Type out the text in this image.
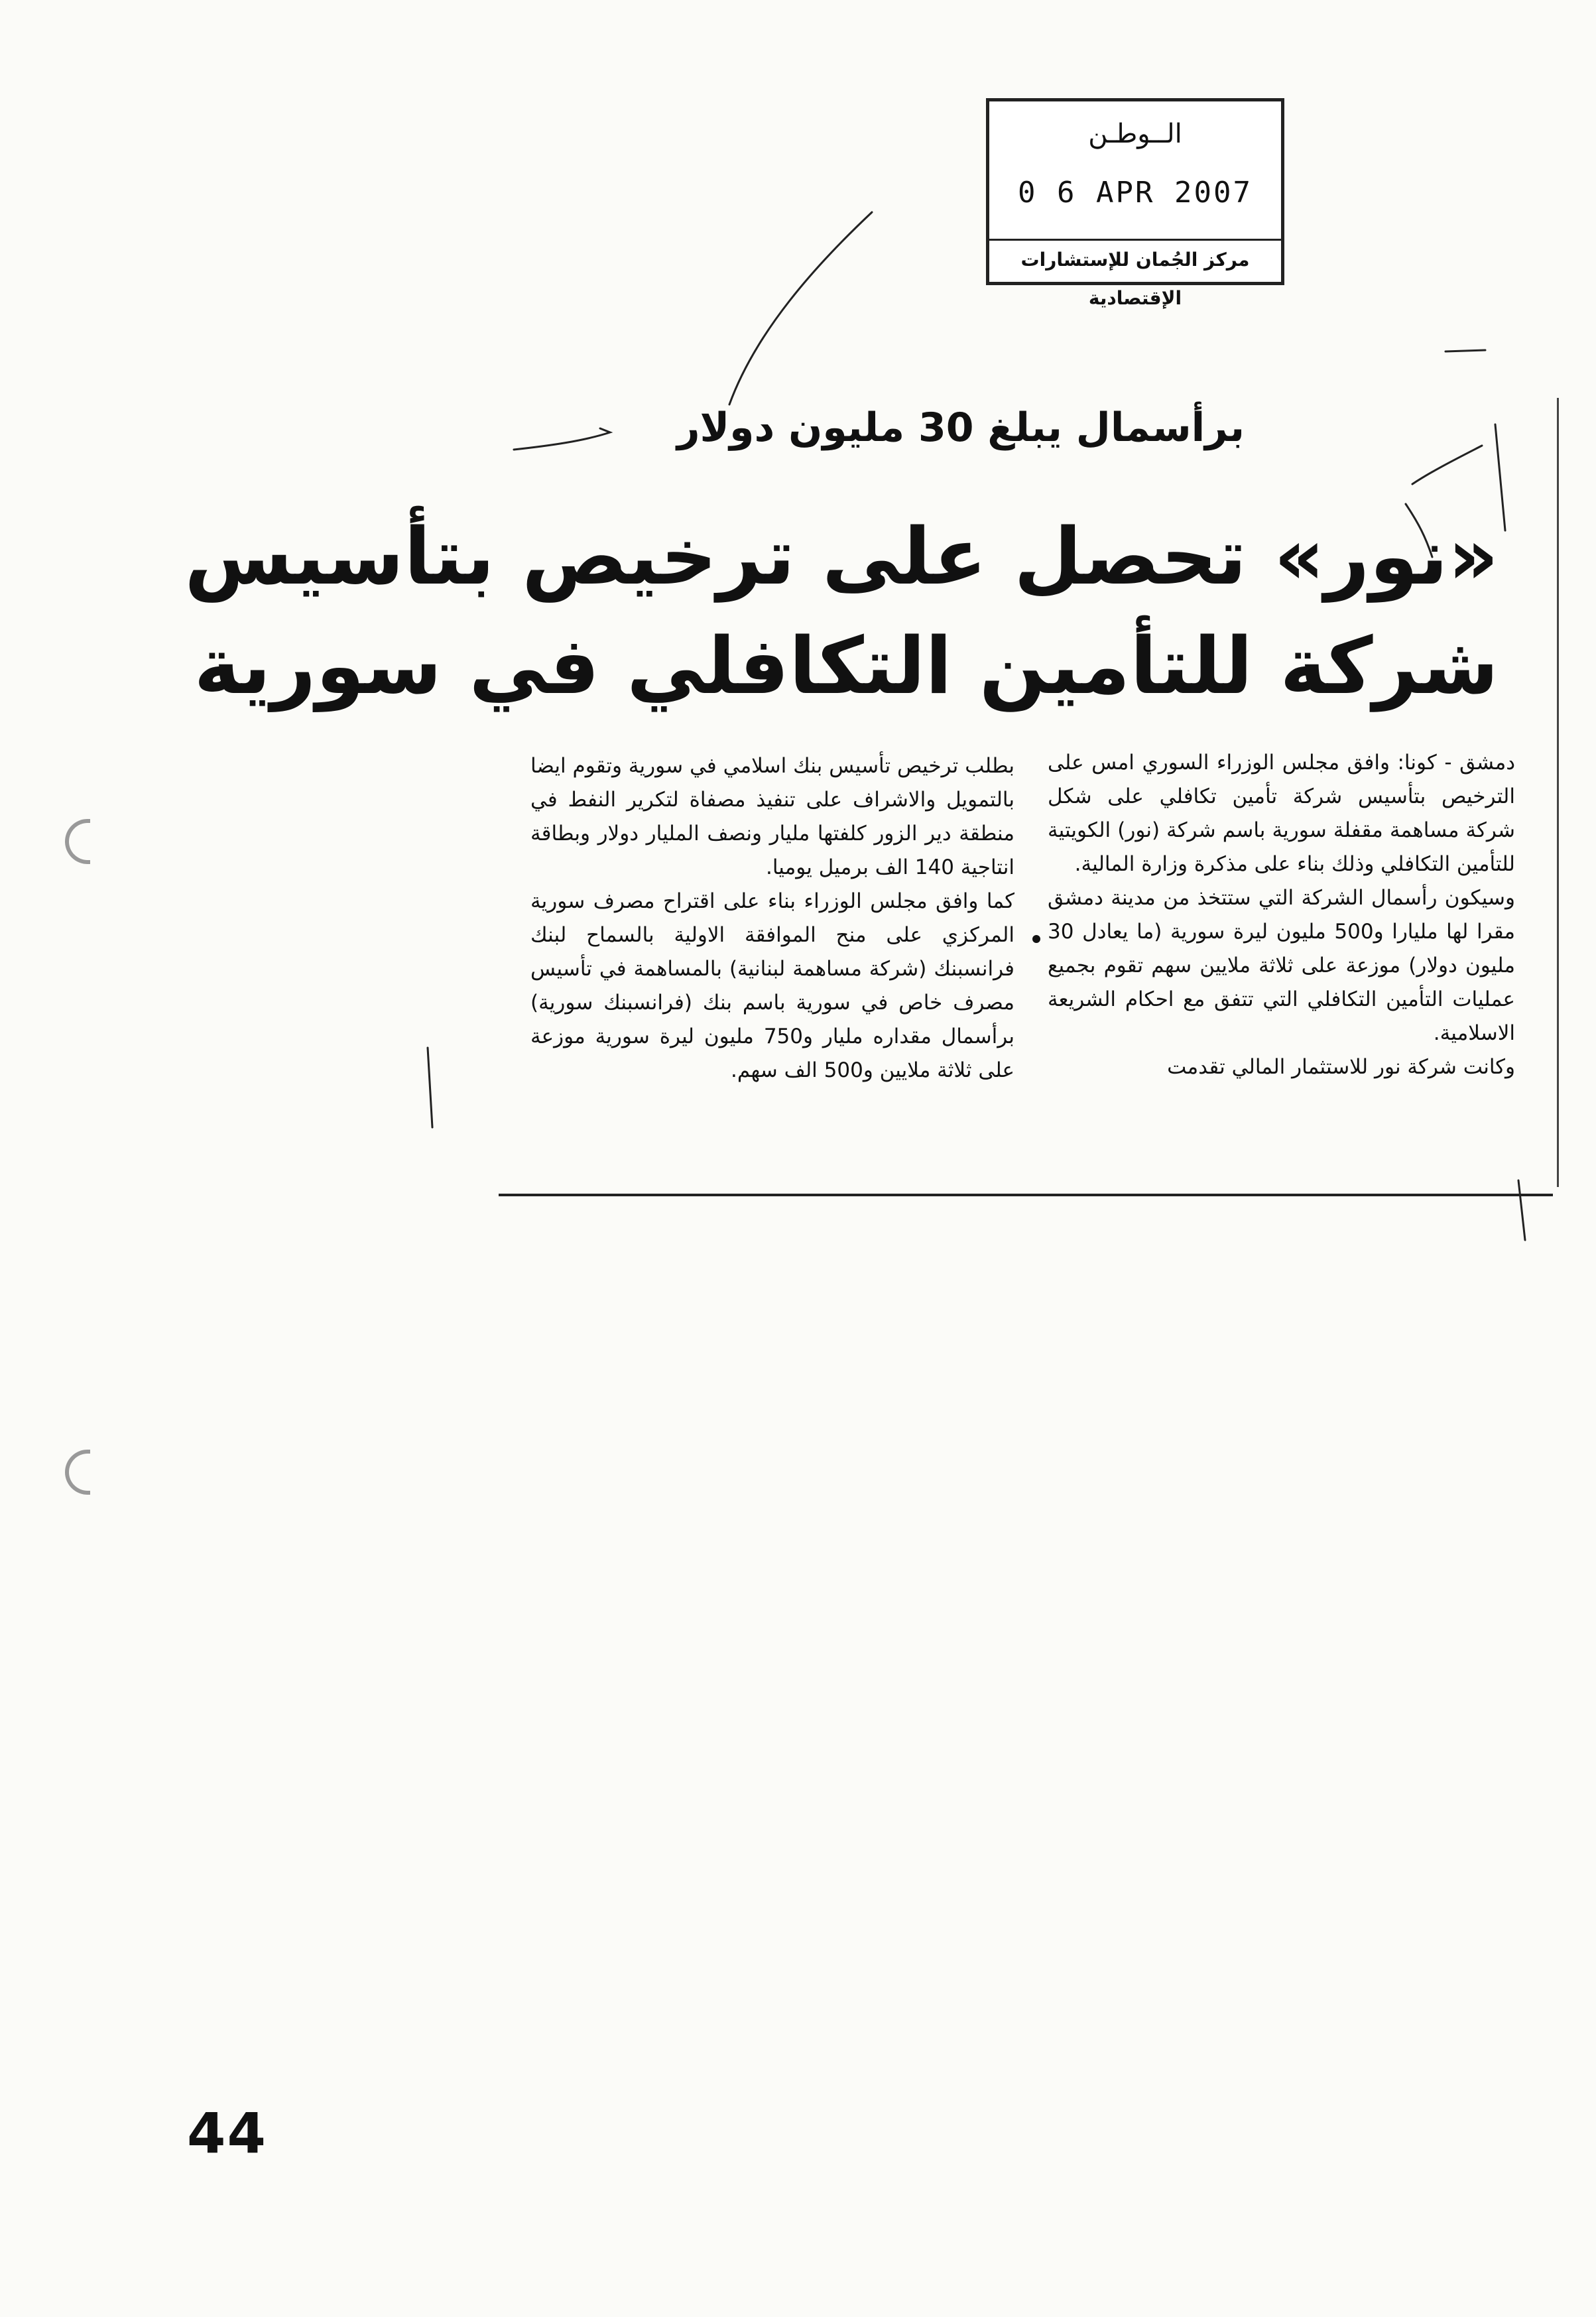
الــوطـن
0 6 APR 2007
مركز الجُمان للإستشارات الإقتصادية
برأسمال يبلغ 30 مليون دولار
«نور» تحصل على ترخيص بتأسيس
شركة للتأمين التكافلي في سورية

دمشق - كونا: وافق مجلس الوزراء السوري امس على الترخيص بتأسيس شركة تأمين تكافلي على شكل شركة مساهمة مقفلة سورية باسم شركة (نور) الكويتية للتأمين التكافلي وذلك بناء على مذكرة وزارة المالية.

وسيكون رأسمال الشركة التي ستتخذ من مدينة دمشق مقرا لها مليارا و500 مليون ليرة سورية (ما يعادل 30 مليون دولار) موزعة على ثلاثة ملايين سهم تقوم بجميع عمليات التأمين التكافلي التي تتفق مع احكام الشريعة الاسلامية.

وكانت شركة نور للاستثمار المالي تقدمت

بطلب ترخيص تأسيس بنك اسلامي في سورية وتقوم ايضا بالتمويل والاشراف على تنفيذ مصفاة لتكرير النفط في منطقة دير الزور كلفتها مليار ونصف المليار دولار وبطاقة انتاجية 140 الف برميل يوميا.

كما وافق مجلس الوزراء بناء على اقتراح مصرف سورية المركزي على منح الموافقة الاولية بالسماح لبنك فرانسبنك (شركة مساهمة لبنانية) بالمساهمة في تأسيس مصرف خاص في سورية باسم بنك (فرانسبنك سورية) برأسمال مقداره مليار و750 مليون ليرة سورية موزعة على ثلاثة ملايين و500 الف سهم.

44
